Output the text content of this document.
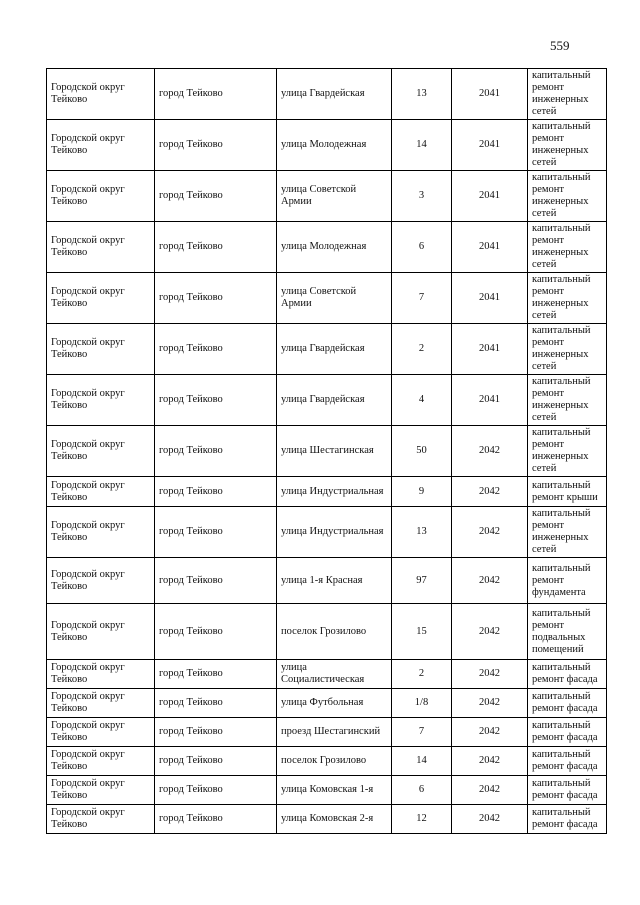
559
Городской округ Тейково	город Тейково	улица Гвардейская	13	2041	капитальный ремонт инженерных сетей
Городской округ Тейково	город Тейково	улица Молодежная	14	2041	капитальный ремонт инженерных сетей
Городской округ Тейково	город Тейково	улица Советской Армии	3	2041	капитальный ремонт инженерных сетей
Городской округ Тейково	город Тейково	улица Молодежная	6	2041	капитальный ремонт инженерных сетей
Городской округ Тейково	город Тейково	улица Советской Армии	7	2041	капитальный ремонт инженерных сетей
Городской округ Тейково	город Тейково	улица Гвардейская	2	2041	капитальный ремонт инженерных сетей
Городской округ Тейково	город Тейково	улица Гвардейская	4	2041	капитальный ремонт инженерных сетей
Городской округ Тейково	город Тейково	улица Шестагинская	50	2042	капитальный ремонт инженерных сетей
Городской округ Тейково	город Тейково	улица Индустриальная	9	2042	капитальный ремонт крыши
Городской округ Тейково	город Тейково	улица Индустриальная	13	2042	капитальный ремонт инженерных сетей
Городской округ Тейково	город Тейково	улица 1-я Красная	97	2042	капитальный ремонт фундамента
Городской округ Тейково	город Тейково	поселок Грозилово	15	2042	капитальный ремонт подвальных помещений
Городской округ Тейково	город Тейково	улица Социалистическая	2	2042	капитальный ремонт фасада
Городской округ Тейково	город Тейково	улица Футбольная	1/8	2042	капитальный ремонт фасада
Городской округ Тейково	город Тейково	проезд Шестагинский	7	2042	капитальный ремонт фасада
Городской округ Тейково	город Тейково	поселок Грозилово	14	2042	капитальный ремонт фасада
Городской округ Тейково	город Тейково	улица Комовская 1-я	6	2042	капитальный ремонт фасада
Городской округ Тейково	город Тейково	улица Комовская 2-я	12	2042	капитальный ремонт фасада
